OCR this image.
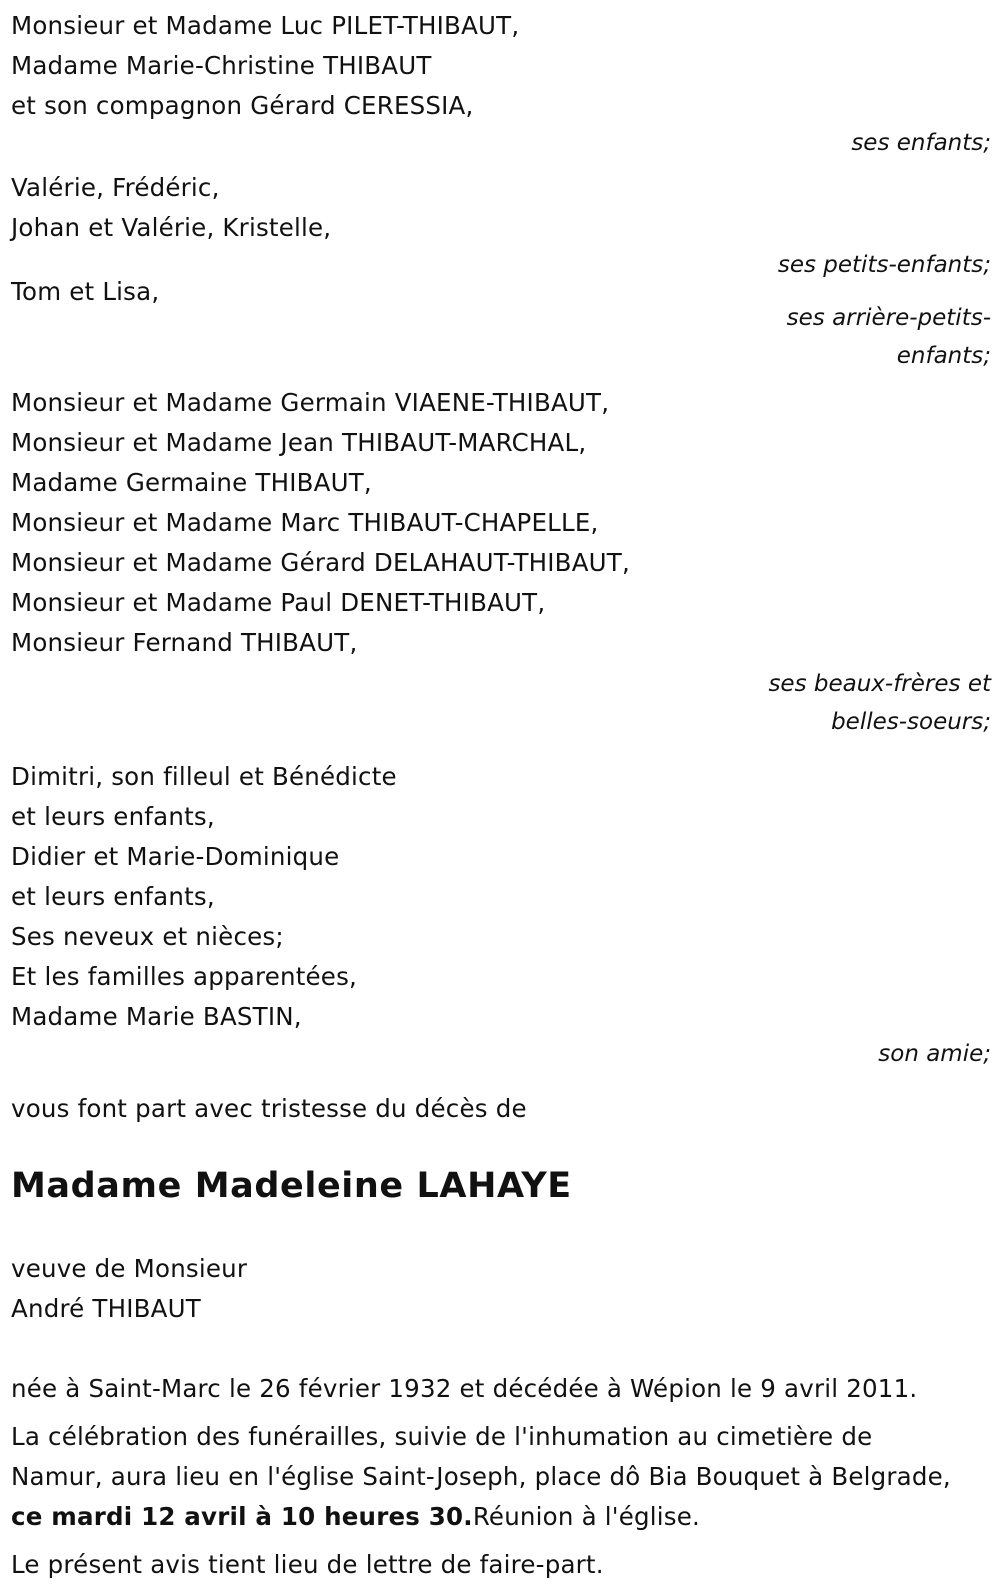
Monsieur et Madame Luc PILET-THIBAUT,
Madame Marie-Christine THIBAUT
et son compagnon Gérard CERESSIA,
ses enfants;
Valérie, Frédéric,
Johan et Valérie, Kristelle,
ses petits-enfants;
Tom et Lisa,
ses arrière-petits-
enfants;
Monsieur et Madame Germain VIAENE-THIBAUT,
Monsieur et Madame Jean THIBAUT-MARCHAL,
Madame Germaine THIBAUT,
Monsieur et Madame Marc THIBAUT-CHAPELLE,
Monsieur et Madame Gérard DELAHAUT-THIBAUT,
Monsieur et Madame Paul DENET-THIBAUT,
Monsieur Fernand THIBAUT,
ses beaux-frères et
belles-soeurs;
Dimitri, son filleul et Bénédicte
et leurs enfants,
Didier et Marie-Dominique
et leurs enfants,
Ses neveux et nièces;
Et les familles apparentées,
Madame Marie BASTIN,
son amie;
vous font part avec tristesse du décès de
Madame Madeleine LAHAYE
veuve de Monsieur
André THIBAUT
née à Saint-Marc le 26 février 1932 et décédée à Wépion le 9 avril 2011.
La célébration des funérailles, suivie de l'inhumation au cimetière de Namur, aura lieu en l'église Saint-Joseph, place dô Bia Bouquet à Belgrade, ce mardi 12 avril à 10 heures 30.Réunion à l'église.
Le présent avis tient lieu de lettre de faire-part.
